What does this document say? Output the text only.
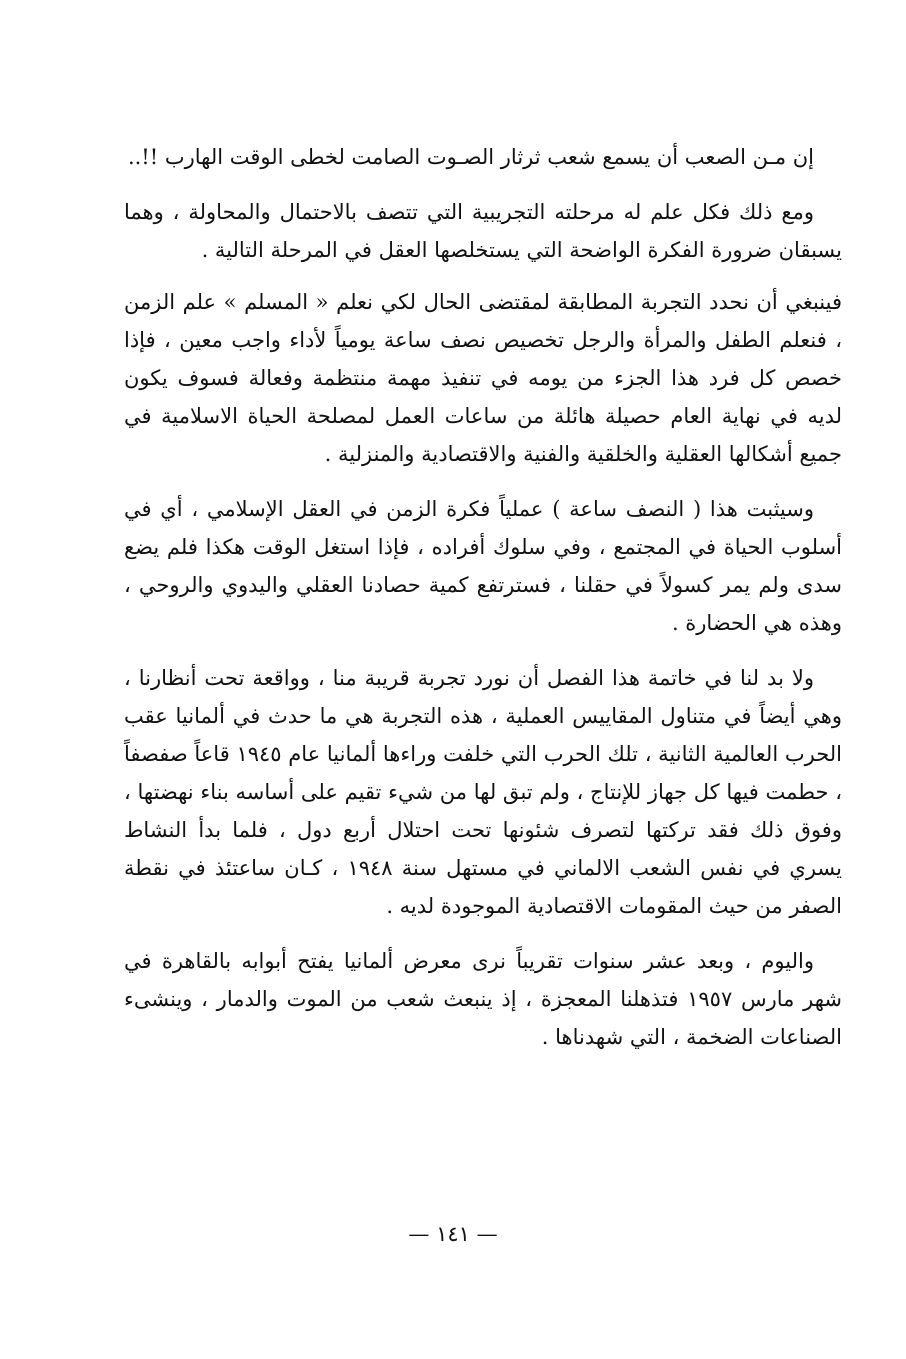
إن مـن الصعب أن يسمع شعب ثرثار الصـوت الصامت لخطى الوقت الهارب !!..

ومع ذلك فكل علم له مرحلته التجريبية التي تتصف بالاحتمال والمحاولة ، وهما يسبقان ضرورة الفكرة الواضحة التي يستخلصها العقل في المرحلة التالية .

فينبغي أن نحدد التجربة المطابقة لمقتضى الحال لكي نعلم « المسلم » علم الزمن ، فنعلم الطفل والمرأة والرجل تخصيص نصف ساعة يومياً لأداء واجب معين ، فإذا خصص كل فرد هذا الجزء من يومه في تنفيذ مهمة منتظمة وفعالة فسوف يكون لديه في نهاية العام حصيلة هائلة من ساعات العمل لمصلحة الحياة الاسلامية في جميع أشكالها العقلية والخلقية والفنية والاقتصادية والمنزلية .

وسيثبت هذا ( النصف ساعة ) عملياً فكرة الزمن في العقل الإسلامي ، أي في أسلوب الحياة في المجتمع ، وفي سلوك أفراده ، فإذا استغل الوقت هكذا فلم يضع سدى ولم يمر كسولاً في حقلنا ، فسترتفع كمية حصادنا العقلي واليدوي والروحي ، وهذه هي الحضارة .

ولا بد لنا في خاتمة هذا الفصل أن نورد تجربة قريبة منا ، وواقعة تحت أنظارنا ، وهي أيضاً في متناول المقاييس العملية ، هذه التجربة هي ما حدث في ألمانيا عقب الحرب العالمية الثانية ، تلك الحرب التي خلفت وراءها ألمانيا عام ١٩٤٥ قاعاً صفصفاً ، حطمت فيها كل جهاز للإنتاج ، ولم تبق لها من شيء تقيم على أساسه بناء نهضتها ، وفوق ذلك فقد تركتها لتصرف شئونها تحت احتلال أربع دول ، فلما بدأ النشاط يسري في نفس الشعب الالماني في مستهل سنة ١٩٤٨ ، كـان ساعتئذ في نقطة الصفر من حيث المقومات الاقتصادية الموجودة لديه .

واليوم ، وبعد عشر سنوات تقريباً نرى معرض ألمانيا يفتح أبوابه بالقاهرة في شهر مارس ١٩٥٧ فتذهلنا المعجزة ، إذ ينبعث شعب من الموت والدمار ، وينشىء الصناعات الضخمة ، التي شهدناها .

— ١٤١ —
